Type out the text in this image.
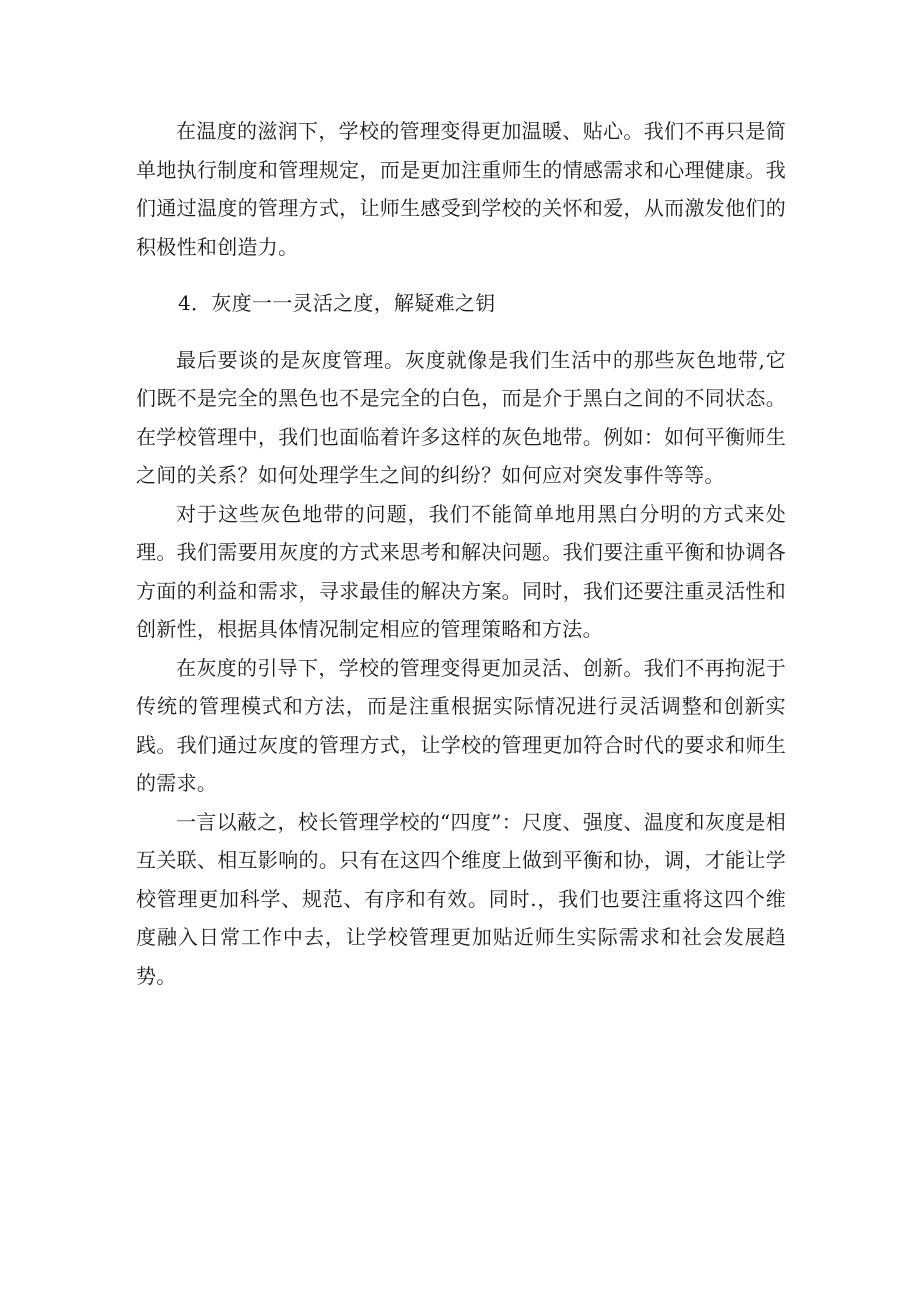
在温度的滋润下，学校的管理变得更加温暖、贴心。我们不再只是简单地执行制度和管理规定，而是更加注重师生的情感需求和心理健康。我们通过温度的管理方式，让师生感受到学校的关怀和爱，从而激发他们的积极性和创造力。

4．灰度一一灵活之度，解疑难之钥

最后要谈的是灰度管理。灰度就像是我们生活中的那些灰色地带,它们既不是完全的黑色也不是完全的白色，而是介于黑白之间的不同状态。在学校管理中，我们也面临着许多这样的灰色地带。例如：如何平衡师生之间的关系？如何处理学生之间的纠纷？如何应对突发事件等等。

对于这些灰色地带的问题，我们不能简单地用黑白分明的方式来处理。我们需要用灰度的方式来思考和解决问题。我们要注重平衡和协调各方面的利益和需求，寻求最佳的解决方案。同时，我们还要注重灵活性和创新性，根据具体情况制定相应的管理策略和方法。

在灰度的引导下，学校的管理变得更加灵活、创新。我们不再拘泥于传统的管理模式和方法，而是注重根据实际情况进行灵活调整和创新实践。我们通过灰度的管理方式，让学校的管理更加符合时代的要求和师生的需求。

一言以蔽之，校长管理学校的“四度”：尺度、强度、温度和灰度是相互关联、相互影响的。只有在这四个维度上做到平衡和协，调，才能让学校管理更加科学、规范、有序和有效。同时.，我们也要注重将这四个维度融入日常工作中去，让学校管理更加贴近师生实际需求和社会发展趋势。
